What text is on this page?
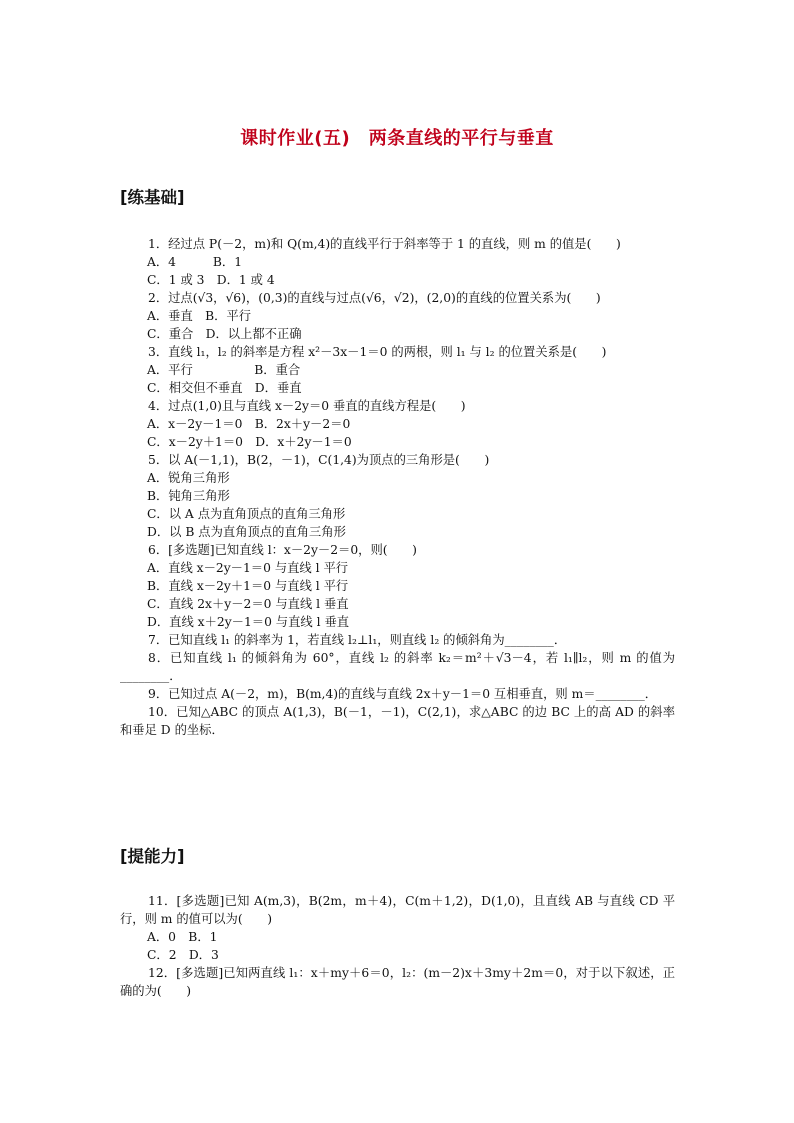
课时作业(五)　两条直线的平行与垂直
[练基础]
1．经过点 P(－2，m)和 Q(m,4)的直线平行于斜率等于 1 的直线，则 m 的值是(　　)
A．4　　　B．1
C．1 或 3　D．1 或 4
2．过点(√3，√6)，(0,3)的直线与过点(√6，√2)，(2,0)的直线的位置关系为(　　)
A．垂直　B．平行
C．重合　D．以上都不正确
3．直线 l₁，l₂ 的斜率是方程 x²－3x－1＝0 的两根，则 l₁ 与 l₂ 的位置关系是(　　)
A．平行　　　　　B．重合
C．相交但不垂直　D．垂直
4．过点(1,0)且与直线 x－2y＝0 垂直的直线方程是(　　)
A．x－2y－1＝0　B．2x＋y－2＝0
C．x－2y＋1＝0　D．x＋2y－1＝0
5．以 A(－1,1)，B(2，－1)，C(1,4)为顶点的三角形是(　　)
A．锐角三角形
B．钝角三角形
C．以 A 点为直角顶点的直角三角形
D．以 B 点为直角顶点的直角三角形
6．[多选题]已知直线 l：x－2y－2＝0，则(　　)
A．直线 x－2y－1＝0 与直线 l 平行
B．直线 x－2y＋1＝0 与直线 l 平行
C．直线 2x＋y－2＝0 与直线 l 垂直
D．直线 x＋2y－1＝0 与直线 l 垂直
7．已知直线 l₁ 的斜率为 1，若直线 l₂⊥l₁，则直线 l₂ 的倾斜角为________．
8．已知直线 l₁ 的倾斜角为 60°，直线 l₂ 的斜率 k₂＝m²＋√3－4，若 l₁∥l₂，则 m 的值为________．
9．已知过点 A(－2，m)，B(m,4)的直线与直线 2x＋y－1＝0 互相垂直，则 m＝________．
10．已知△ABC 的顶点 A(1,3)，B(－1，－1)，C(2,1)，求△ABC 的边 BC 上的高 AD 的斜率和垂足 D 的坐标．
[提能力]
11．[多选题]已知 A(m,3)，B(2m，m＋4)，C(m＋1,2)，D(1,0)，且直线 AB 与直线 CD 平行，则 m 的值可以为(　　)
A．0　B．1
C．2　D．3
12．[多选题]已知两直线 l₁：x＋my＋6＝0，l₂：(m－2)x＋3my＋2m＝0，对于以下叙述，正确的为(　　)
